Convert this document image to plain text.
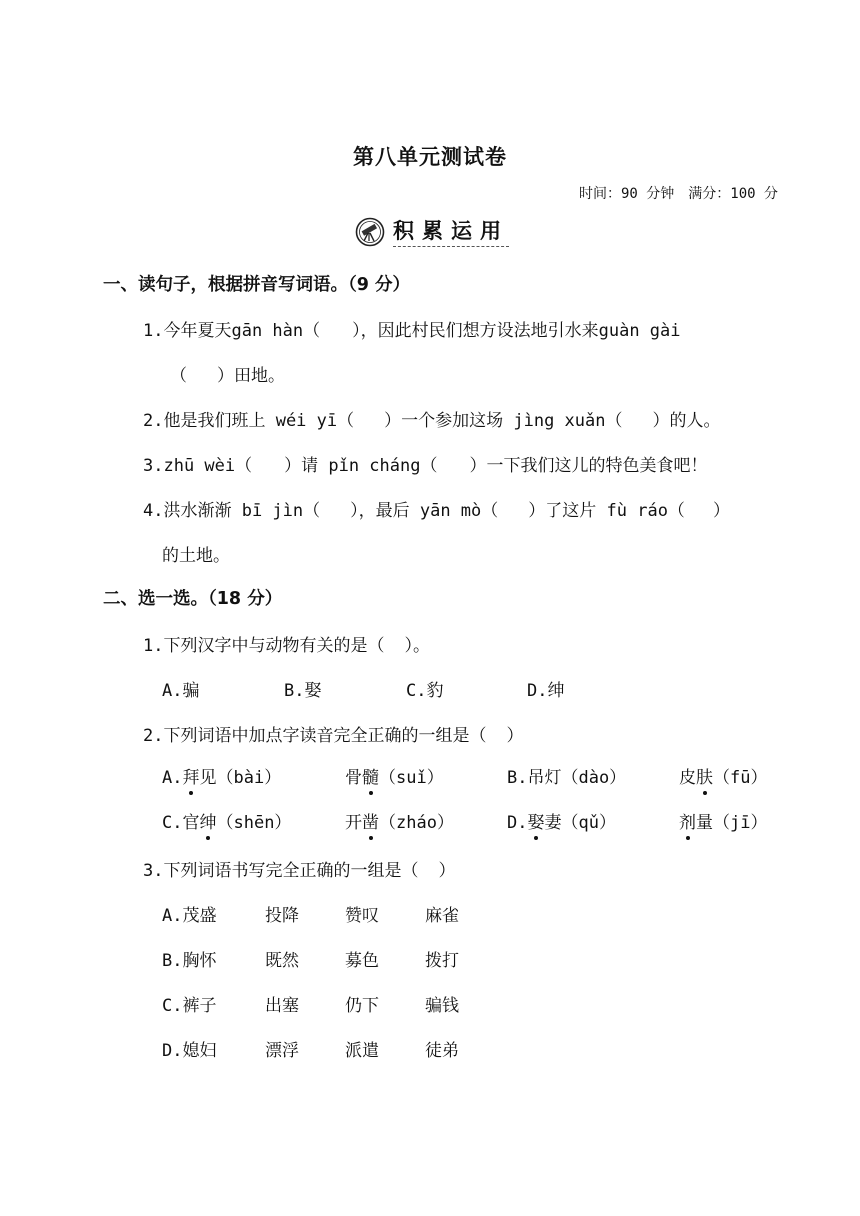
第八单元测试卷
时间：90 分钟 满分：100 分
积累运用
一、读句子，根据拼音写词语。（9 分）
1.今年夏天gān hàn（ ），因此村民们想方设法地引水来guàn gài
（ ）田地。
2.他是我们班上 wéi yī（ ）一个参加这场 jìng xuǎn（ ）的人。
3.zhū wèi（ ）请 pǐn cháng（ ）一下我们这儿的特色美食吧！
4.洪水渐渐 bī jìn（ ），最后 yān mò（ ）了这片 fù ráo（ ）
的土地。
二、选一选。（18 分）
1.下列汉字中与动物有关的是（ ）。
A.骗	B.娶	C.豹	D.绅
2.下列词语中加点字读音完全正确的一组是（ ）
A.拜见（bài）	骨髓（suǐ）	B.吊灯（dào）	皮肤（fū）
C.官绅（shēn）	开凿（zháo）	D.娶妻（qǔ）	剂量（jī）
3.下列词语书写完全正确的一组是（ ）
A.茂盛	投降	赞叹	麻雀
B.胸怀	既然	募色	拨打
C.裤子	出塞	仍下	骗钱
D.媳妇	漂浮	派遣	徒弟
